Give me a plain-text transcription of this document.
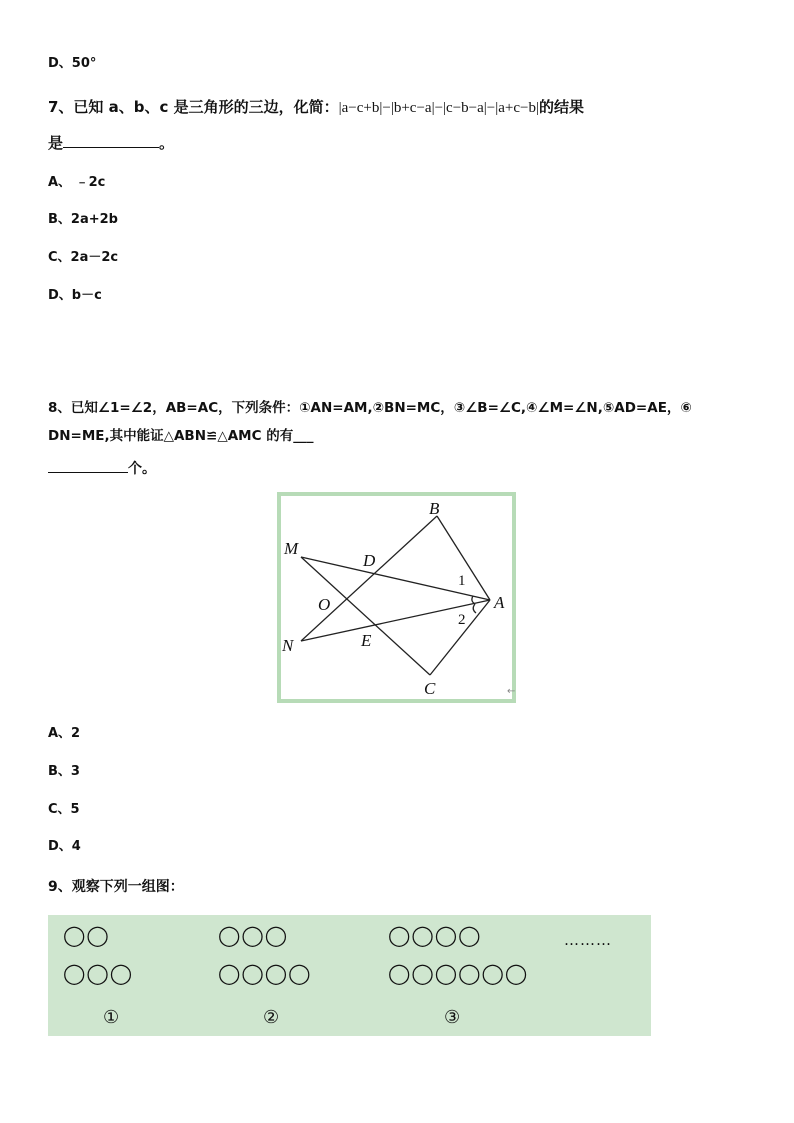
D、50°
7、已知 a、b、c 是三角形的三边，化简：|a−c+b|−|b+c−a|−|c−b−a|−|a+c−b|的结果
是	。
A、 ﹣2c
B、2a+2b
C、2a－2c
D、b－c
8、已知∠1=∠2，AB=AC，下列条件：①AN=AM,②BN=MC，③∠B=∠C,④∠M=∠N,⑤AD=AE，⑥
DN=ME,其中能证△ABN≌△AMC 的有___
个。
B
M
D
1
O	A
2
N	E
C	←
A、2
B、3
C、5
D、4
9、观察下列一组图：
◯◯
◯◯◯
①
◯◯◯
◯◯◯◯
②
◯◯◯◯
◯◯◯◯◯◯
③
………
